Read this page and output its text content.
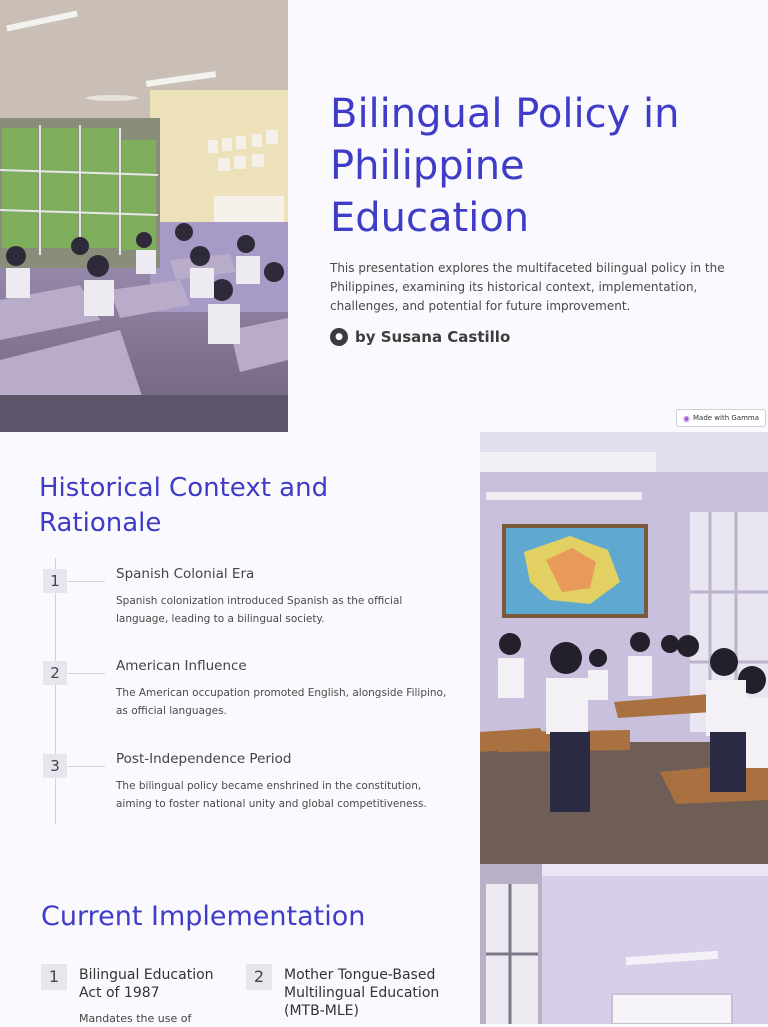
Bilingual Policy in Philippine Education

This presentation explores the multifaceted bilingual policy in the Philippines, examining its historical context, implementation, challenges, and potential for future improvement.

● by Susana Castillo
◉ Made with Gamma
Historical Context and Rationale
1	Spanish Colonial Era

Spanish colonization introduced Spanish as the official language, leading to a bilingual society.

2	American Influence

The American occupation promoted English, alongside Filipino, as official languages.

3	Post-Independence Period

The bilingual policy became enshrined in the constitution, aiming to foster national unity and global competitiveness.

Current Implementation
1	Bilingual Education Act of 1987

Mandates the use of

2	Mother Tongue-Based Multilingual Education (MTB-MLE)
